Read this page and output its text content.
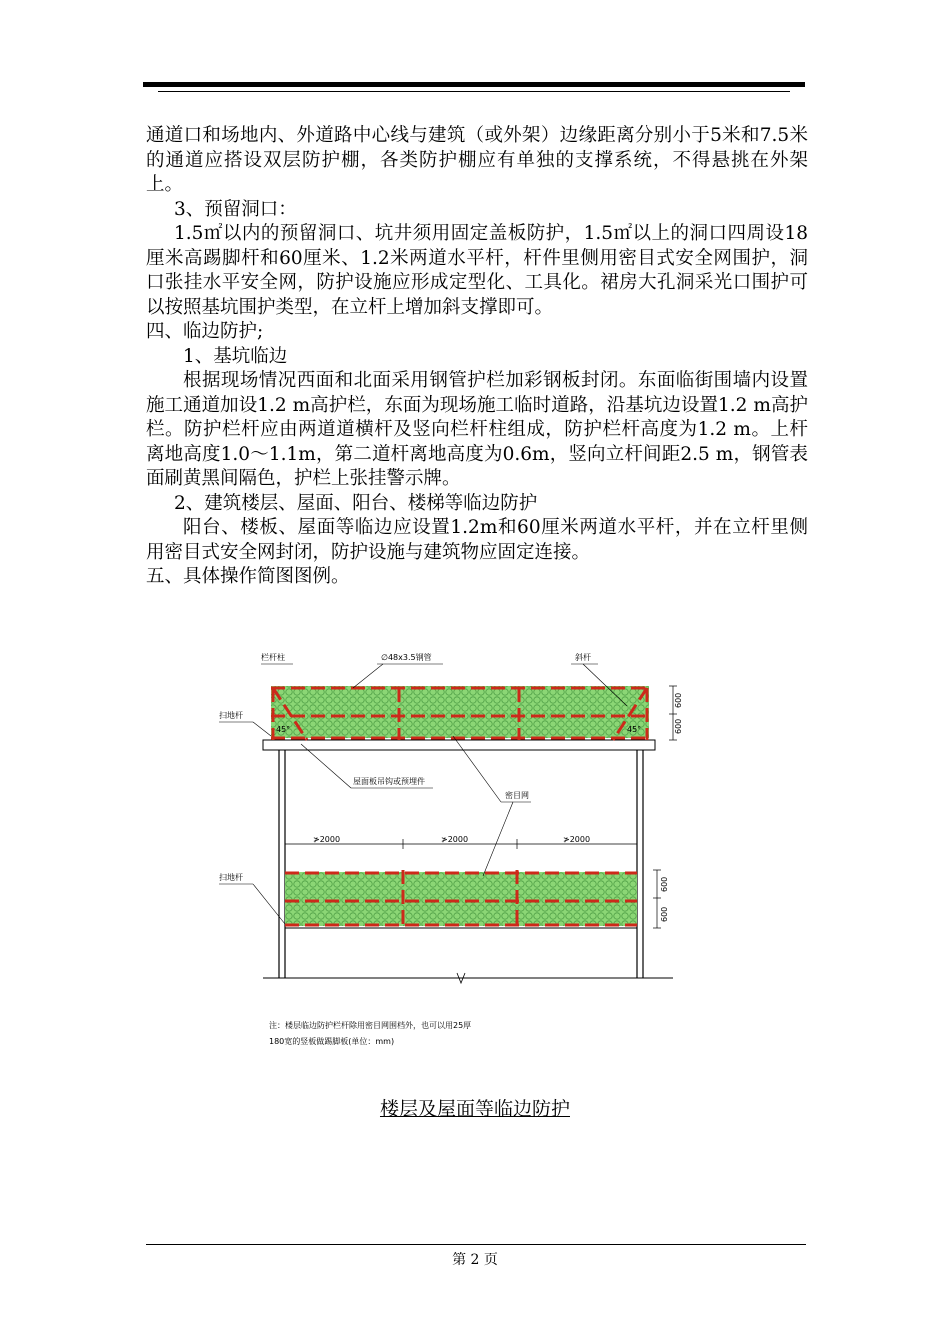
通道口和场地内、外道路中心线与建筑（或外架）边缘距离分别小于5米和7.5米的通道应搭设双层防护棚，各类防护棚应有单独的支撑系统，不得悬挑在外架上。

3、预留洞口：

1.5㎡以内的预留洞口、坑井须用固定盖板防护，1.5㎡以上的洞口四周设18厘米高踢脚杆和60厘米、1.2米两道水平杆，杆件里侧用密目式安全网围护，洞口张挂水平安全网，防护设施应形成定型化、工具化。裙房大孔洞采光口围护可以按照基坑围护类型，在立杆上增加斜支撑即可。

四、临边防护;

1、基坑临边

根据现场情况西面和北面采用钢管护栏加彩钢板封闭。东面临街围墙内设置施工通道加设1.2 m高护栏，东面为现场施工临时道路，沿基坑边设置1.2 m高护栏。防护栏杆应由两道道横杆及竖向栏杆柱组成，防护栏杆高度为1.2 m。上杆离地高度1.0～1.1m，第二道杆离地高度为0.6m，竖向立杆间距2.5 m，钢管表面刷黄黑间隔色，护栏上张挂警示牌。

2、建筑楼层、屋面、阳台、楼梯等临边防护

阳台、楼板、屋面等临边应设置1.2m和60厘米两道水平杆，并在立杆里侧用密目式安全网封闭，防护设施与建筑物应固定连接。

五、具体操作简图图例。

≯2000	≯2000	≯2000
600
600
600
600
栏杆柱	∅48x3.5钢管	斜杆
扫地杆
屋面板吊钩或预埋件
密目网
扫地杆
45°	45°
注：楼层临边防护栏杆除用密目网围档外，也可以用25厚
180宽的竖板做踢脚板(单位：mm)
楼层及屋面等临边防护
第 2 页
